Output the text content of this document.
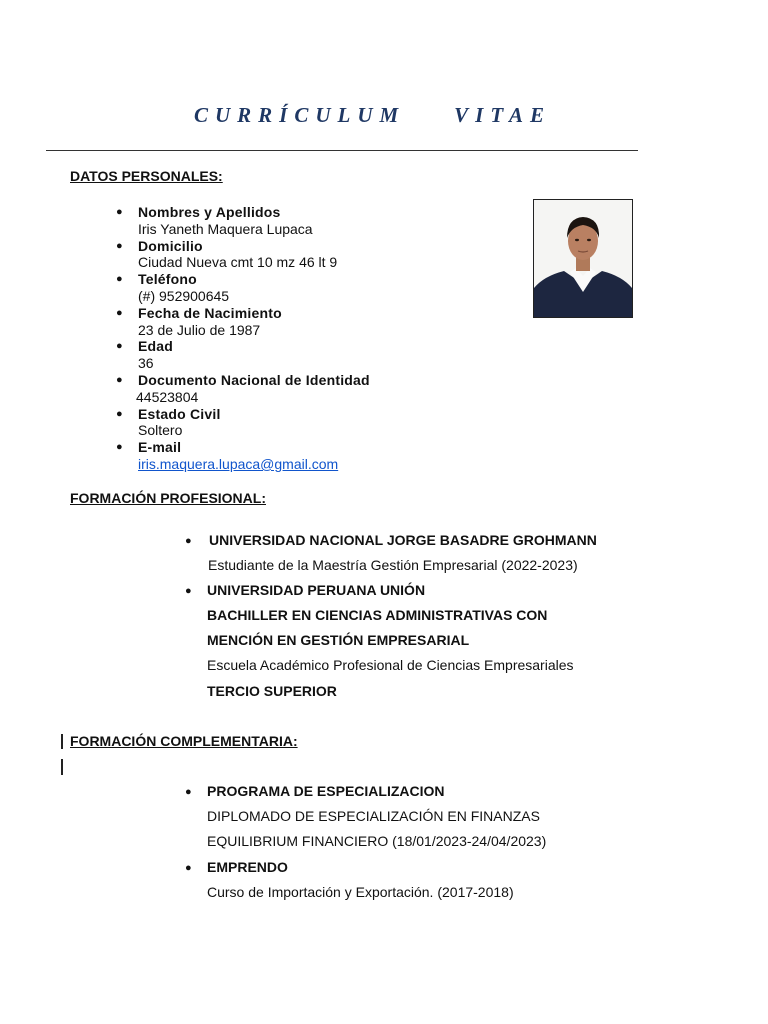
CURRÍCULUM    VITAE
DATOS PERSONALES:
● Nombres y Apellidos
Iris Yaneth Maquera Lupaca
● Domicilio
Ciudad Nueva cmt 10 mz 46 lt 9
● Teléfono
(#) 952900645
● Fecha de Nacimiento
23 de Julio de 1987
● Edad
36
● Documento Nacional de Identidad
44523804
● Estado Civil
Soltero
● E-mail
iris.maquera.lupaca@gmail.com
FORMACIÓN PROFESIONAL:
● UNIVERSIDAD NACIONAL JORGE BASADRE GROHMANN
Estudiante de la Maestría Gestión Empresarial (2022-2023)
● UNIVERSIDAD PERUANA UNIÓN
BACHILLER EN CIENCIAS ADMINISTRATIVAS CON
MENCIÓN EN GESTIÓN EMPRESARIAL
Escuela Académico Profesional de Ciencias Empresariales
TERCIO SUPERIOR
FORMACIÓN COMPLEMENTARIA:
● PROGRAMA DE ESPECIALIZACION
DIPLOMADO DE ESPECIALIZACIÓN EN FINANZAS
EQUILIBRIUM FINANCIERO (18/01/2023-24/04/2023)
● EMPRENDO
Curso de Importación y Exportación. (2017-2018)
